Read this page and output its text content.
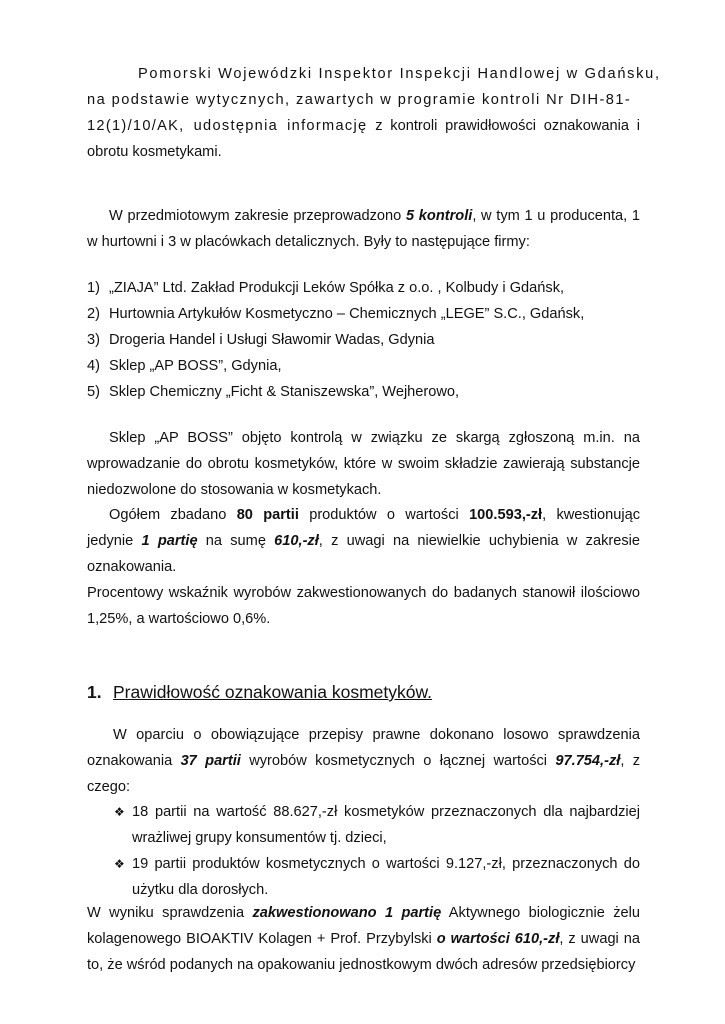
Pomorski Wojewódzki Inspektor Inspekcji Handlowej w Gdańsku,
na podstawie wytycznych, zawartych w programie kontroli Nr DIH-81-
12(1)/10/AK, udostępnia informację z kontroli prawidłowości oznakowania i obrotu kosmetykami.

W przedmiotowym zakresie przeprowadzono 5 kontroli, w tym 1 u producenta, 1 w hurtowni i 3 w placówkach detalicznych. Były to następujące firmy:

1) „ZIAJA” Ltd. Zakład Produkcji Leków Spółka z o.o. , Kolbudy i Gdańsk,
2) Hurtownia Artykułów Kosmetyczno – Chemicznych „LEGE” S.C., Gdańsk,
3) Drogeria Handel i Usługi Sławomir Wadas, Gdynia
4) Sklep „AP BOSS”, Gdynia,
5) Sklep Chemiczny „Ficht & Staniszewska”, Wejherowo,

Sklep „AP BOSS” objęto kontrolą w związku ze skargą zgłoszoną m.in. na wprowadzanie do obrotu kosmetyków, które w swoim składzie zawierają substancje niedozwolone do stosowania w kosmetykach.

Ogółem zbadano 80 partii produktów o wartości 100.593,-zł, kwestionując jedynie 1 partię na sumę 610,-zł, z uwagi na niewielkie uchybienia w zakresie oznakowania.

Procentowy wskaźnik wyrobów zakwestionowanych do badanych stanowił ilościowo 1,25%, a wartościowo 0,6%.

1. Prawidłowość oznakowania kosmetyków.

W oparciu o obowiązujące przepisy prawne dokonano losowo sprawdzenia oznakowania 37 partii wyrobów kosmetycznych o łącznej wartości 97.754,-zł, z czego:

❖ 18 partii na wartość 88.627,-zł kosmetyków przeznaczonych dla najbardziej wrażliwej grupy konsumentów tj. dzieci,
❖ 19 partii produktów kosmetycznych o wartości 9.127,-zł, przeznaczonych do użytku dla dorosłych.

W wyniku sprawdzenia zakwestionowano 1 partię Aktywnego biologicznie żelu kolagenowego BIOAKTIV Kolagen + Prof. Przybylski o wartości 610,-zł, z uwagi na to, że wśród podanych na opakowaniu jednostkowym dwóch adresów przedsiębiorcy
